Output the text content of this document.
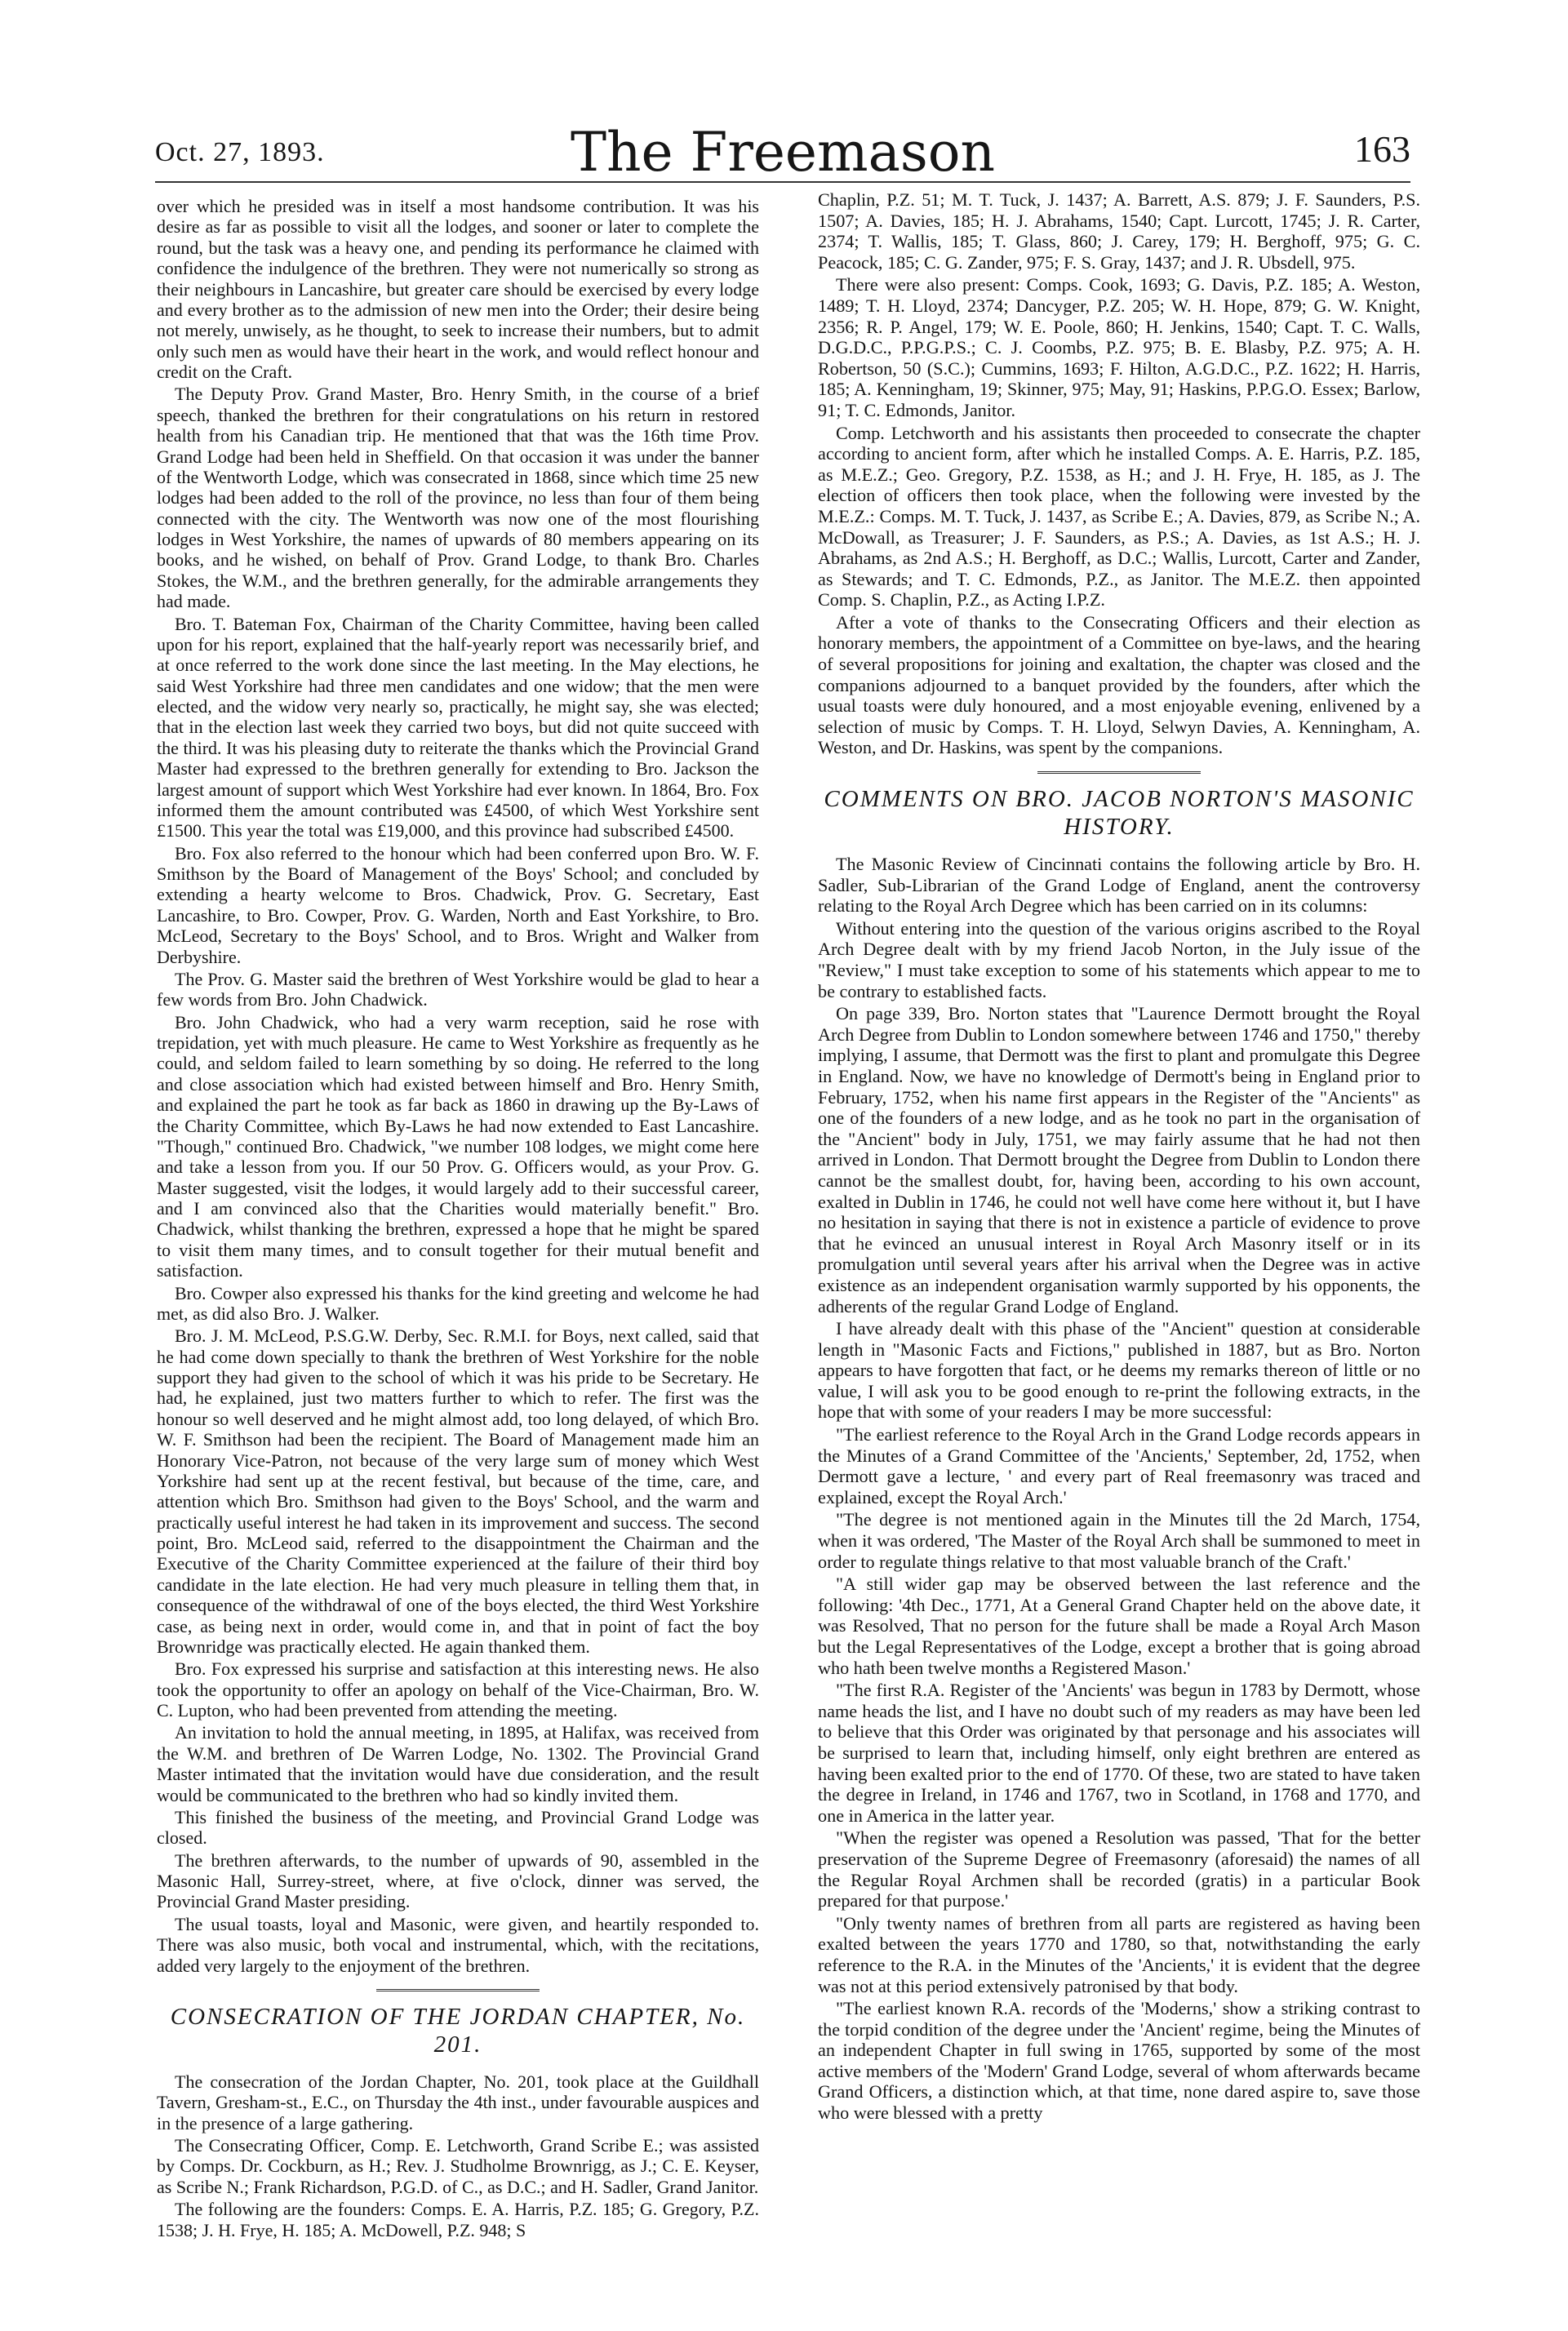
Oct. 27, 1893.	The Freemason	163

over which he presided was in itself a most handsome contribution. It was his desire as far as possible to visit all the lodges, and sooner or later to complete the round, but the task was a heavy one, and pending its performance he claimed with confidence the indulgence of the brethren. They were not numerically so strong as their neighbours in Lancashire, but greater care should be exercised by every lodge and every brother as to the admission of new men into the Order; their desire being not merely, unwisely, as he thought, to seek to increase their numbers, but to admit only such men as would have their heart in the work, and would reflect honour and credit on the Craft.

The Deputy Prov. Grand Master, Bro. Henry Smith, in the course of a brief speech, thanked the brethren for their congratulations on his return in restored health from his Canadian trip. He mentioned that that was the 16th time Prov. Grand Lodge had been held in Sheffield. On that occasion it was under the banner of the Wentworth Lodge, which was consecrated in 1868, since which time 25 new lodges had been added to the roll of the province, no less than four of them being connected with the city. The Wentworth was now one of the most flourishing lodges in West Yorkshire, the names of upwards of 80 members appearing on its books, and he wished, on behalf of Prov. Grand Lodge, to thank Bro. Charles Stokes, the W.M., and the brethren generally, for the admirable arrangements they had made.

Bro. T. Bateman Fox, Chairman of the Charity Committee, having been called upon for his report, explained that the half-yearly report was necessarily brief, and at once referred to the work done since the last meeting. In the May elections, he said West Yorkshire had three men candidates and one widow; that the men were elected, and the widow very nearly so, practically, he might say, she was elected; that in the election last week they carried two boys, but did not quite succeed with the third. It was his pleasing duty to reiterate the thanks which the Provincial Grand Master had expressed to the brethren generally for extending to Bro. Jackson the largest amount of support which West Yorkshire had ever known. In 1864, Bro. Fox informed them the amount contributed was £4500, of which West Yorkshire sent £1500. This year the total was £19,000, and this province had subscribed £4500.

Bro. Fox also referred to the honour which had been conferred upon Bro. W. F. Smithson by the Board of Management of the Boys' School; and concluded by extending a hearty welcome to Bros. Chadwick, Prov. G. Secretary, East Lancashire, to Bro. Cowper, Prov. G. Warden, North and East Yorkshire, to Bro. McLeod, Secretary to the Boys' School, and to Bros. Wright and Walker from Derbyshire.

The Prov. G. Master said the brethren of West Yorkshire would be glad to hear a few words from Bro. John Chadwick.

Bro. John Chadwick, who had a very warm reception, said he rose with trepidation, yet with much pleasure. He came to West Yorkshire as frequently as he could, and seldom failed to learn something by so doing. He referred to the long and close association which had existed between himself and Bro. Henry Smith, and explained the part he took as far back as 1860 in drawing up the By-Laws of the Charity Committee, which By-Laws he had now extended to East Lancashire. "Though," continued Bro. Chadwick, "we number 108 lodges, we might come here and take a lesson from you. If our 50 Prov. G. Officers would, as your Prov. G. Master suggested, visit the lodges, it would largely add to their successful career, and I am convinced also that the Charities would materially benefit." Bro. Chadwick, whilst thanking the brethren, expressed a hope that he might be spared to visit them many times, and to consult together for their mutual benefit and satisfaction.

Bro. Cowper also expressed his thanks for the kind greeting and welcome he had met, as did also Bro. J. Walker.

Bro. J. M. McLeod, P.S.G.W. Derby, Sec. R.M.I. for Boys, next called, said that he had come down specially to thank the brethren of West Yorkshire for the noble support they had given to the school of which it was his pride to be Secretary. He had, he explained, just two matters further to which to refer. The first was the honour so well deserved and he might almost add, too long delayed, of which Bro. W. F. Smithson had been the recipient. The Board of Management made him an Honorary Vice-Patron, not because of the very large sum of money which West Yorkshire had sent up at the recent festival, but because of the time, care, and attention which Bro. Smithson had given to the Boys' School, and the warm and practically useful interest he had taken in its improvement and success. The second point, Bro. McLeod said, referred to the disappointment the Chairman and the Executive of the Charity Committee experienced at the failure of their third boy candidate in the late election. He had very much pleasure in telling them that, in consequence of the withdrawal of one of the boys elected, the third West Yorkshire case, as being next in order, would come in, and that in point of fact the boy Brownridge was practically elected. He again thanked them.

Bro. Fox expressed his surprise and satisfaction at this interesting news. He also took the opportunity to offer an apology on behalf of the Vice-Chairman, Bro. W. C. Lupton, who had been prevented from attending the meeting.

An invitation to hold the annual meeting, in 1895, at Halifax, was received from the W.M. and brethren of De Warren Lodge, No. 1302. The Provincial Grand Master intimated that the invitation would have due consideration, and the result would be communicated to the brethren who had so kindly invited them.

This finished the business of the meeting, and Provincial Grand Lodge was closed.

The brethren afterwards, to the number of upwards of 90, assembled in the Masonic Hall, Surrey-street, where, at five o'clock, dinner was served, the Provincial Grand Master presiding.

The usual toasts, loyal and Masonic, were given, and heartily responded to. There was also music, both vocal and instrumental, which, with the recitations, added very largely to the enjoyment of the brethren.

CONSECRATION OF THE JORDAN CHAPTER, No. 201.

The consecration of the Jordan Chapter, No. 201, took place at the Guildhall Tavern, Gresham-st., E.C., on Thursday the 4th inst., under favourable auspices and in the presence of a large gathering.

The Consecrating Officer, Comp. E. Letchworth, Grand Scribe E.; was assisted by Comps. Dr. Cockburn, as H.; Rev. J. Studholme Brownrigg, as J.; C. E. Keyser, as Scribe N.; Frank Richardson, P.G.D. of C., as D.C.; and H. Sadler, Grand Janitor.

The following are the founders: Comps. E. A. Harris, P.Z. 185; G. Gregory, P.Z. 1538; J. H. Frye, H. 185; A. McDowell, P.Z. 948; S

Chaplin, P.Z. 51; M. T. Tuck, J. 1437; A. Barrett, A.S. 879; J. F. Saunders, P.S. 1507; A. Davies, 185; H. J. Abrahams, 1540; Capt. Lurcott, 1745; J. R. Carter, 2374; T. Wallis, 185; T. Glass, 860; J. Carey, 179; H. Berghoff, 975; G. C. Peacock, 185; C. G. Zander, 975; F. S. Gray, 1437; and J. R. Ubsdell, 975.

There were also present: Comps. Cook, 1693; G. Davis, P.Z. 185; A. Weston, 1489; T. H. Lloyd, 2374; Dancyger, P.Z. 205; W. H. Hope, 879; G. W. Knight, 2356; R. P. Angel, 179; W. E. Poole, 860; H. Jenkins, 1540; Capt. T. C. Walls, D.G.D.C., P.P.G.P.S.; C. J. Coombs, P.Z. 975; B. E. Blasby, P.Z. 975; A. H. Robertson, 50 (S.C.); Cummins, 1693; F. Hilton, A.G.D.C., P.Z. 1622; H. Harris, 185; A. Kenningham, 19; Skinner, 975; May, 91; Haskins, P.P.G.O. Essex; Barlow, 91; T. C. Edmonds, Janitor.

Comp. Letchworth and his assistants then proceeded to consecrate the chapter according to ancient form, after which he installed Comps. A. E. Harris, P.Z. 185, as M.E.Z.; Geo. Gregory, P.Z. 1538, as H.; and J. H. Frye, H. 185, as J. The election of officers then took place, when the following were invested by the M.E.Z.: Comps. M. T. Tuck, J. 1437, as Scribe E.; A. Davies, 879, as Scribe N.; A. McDowall, as Treasurer; J. F. Saunders, as P.S.; A. Davies, as 1st A.S.; H. J. Abrahams, as 2nd A.S.; H. Berghoff, as D.C.; Wallis, Lurcott, Carter and Zander, as Stewards; and T. C. Edmonds, P.Z., as Janitor. The M.E.Z. then appointed Comp. S. Chaplin, P.Z., as Acting I.P.Z.

After a vote of thanks to the Consecrating Officers and their election as honorary members, the appointment of a Committee on bye-laws, and the hearing of several propositions for joining and exaltation, the chapter was closed and the companions adjourned to a banquet provided by the founders, after which the usual toasts were duly honoured, and a most enjoyable evening, enlivened by a selection of music by Comps. T. H. Lloyd, Selwyn Davies, A. Kenningham, A. Weston, and Dr. Haskins, was spent by the companions.

COMMENTS ON BRO. JACOB NORTON'S MASONIC
HISTORY.

The Masonic Review of Cincinnati contains the following article by Bro. H. Sadler, Sub-Librarian of the Grand Lodge of England, anent the controversy relating to the Royal Arch Degree which has been carried on in its columns:

Without entering into the question of the various origins ascribed to the Royal Arch Degree dealt with by my friend Jacob Norton, in the July issue of the "Review," I must take exception to some of his statements which appear to me to be contrary to established facts.

On page 339, Bro. Norton states that "Laurence Dermott brought the Royal Arch Degree from Dublin to London somewhere between 1746 and 1750," thereby implying, I assume, that Dermott was the first to plant and promulgate this Degree in England. Now, we have no knowledge of Dermott's being in England prior to February, 1752, when his name first appears in the Register of the "Ancients" as one of the founders of a new lodge, and as he took no part in the organisation of the "Ancient" body in July, 1751, we may fairly assume that he had not then arrived in London. That Dermott brought the Degree from Dublin to London there cannot be the smallest doubt, for, having been, according to his own account, exalted in Dublin in 1746, he could not well have come here without it, but I have no hesitation in saying that there is not in existence a particle of evidence to prove that he evinced an unusual interest in Royal Arch Masonry itself or in its promulgation until several years after his arrival when the Degree was in active existence as an independent organisation warmly supported by his opponents, the adherents of the regular Grand Lodge of England.

I have already dealt with this phase of the "Ancient" question at considerable length in "Masonic Facts and Fictions," published in 1887, but as Bro. Norton appears to have forgotten that fact, or he deems my remarks thereon of little or no value, I will ask you to be good enough to re-print the following extracts, in the hope that with some of your readers I may be more successful:

"The earliest reference to the Royal Arch in the Grand Lodge records appears in the Minutes of a Grand Committee of the 'Ancients,' September, 2d, 1752, when Dermott gave a lecture, ' and every part of Real freemasonry was traced and explained, except the Royal Arch.'

"The degree is not mentioned again in the Minutes till the 2d March, 1754, when it was ordered, 'The Master of the Royal Arch shall be summoned to meet in order to regulate things relative to that most valuable branch of the Craft.'

"A still wider gap may be observed between the last reference and the following: '4th Dec., 1771, At a General Grand Chapter held on the above date, it was Resolved, That no person for the future shall be made a Royal Arch Mason but the Legal Representatives of the Lodge, except a brother that is going abroad who hath been twelve months a Registered Mason.'

"The first R.A. Register of the 'Ancients' was begun in 1783 by Dermott, whose name heads the list, and I have no doubt such of my readers as may have been led to believe that this Order was originated by that personage and his associates will be surprised to learn that, including himself, only eight brethren are entered as having been exalted prior to the end of 1770. Of these, two are stated to have taken the degree in Ireland, in 1746 and 1767, two in Scotland, in 1768 and 1770, and one in America in the latter year.

"When the register was opened a Resolution was passed, 'That for the better preservation of the Supreme Degree of Freemasonry (aforesaid) the names of all the Regular Royal Archmen shall be recorded (gratis) in a particular Book prepared for that purpose.'

"Only twenty names of brethren from all parts are registered as having been exalted between the years 1770 and 1780, so that, notwithstanding the early reference to the R.A. in the Minutes of the 'Ancients,' it is evident that the degree was not at this period extensively patronised by that body.

"The earliest known R.A. records of the 'Moderns,' show a striking contrast to the torpid condition of the degree under the 'Ancient' regime, being the Minutes of an independent Chapter in full swing in 1765, supported by some of the most active members of the 'Modern' Grand Lodge, several of whom afterwards became Grand Officers, a distinction which, at that time, none dared aspire to, save those who were blessed with a pretty
